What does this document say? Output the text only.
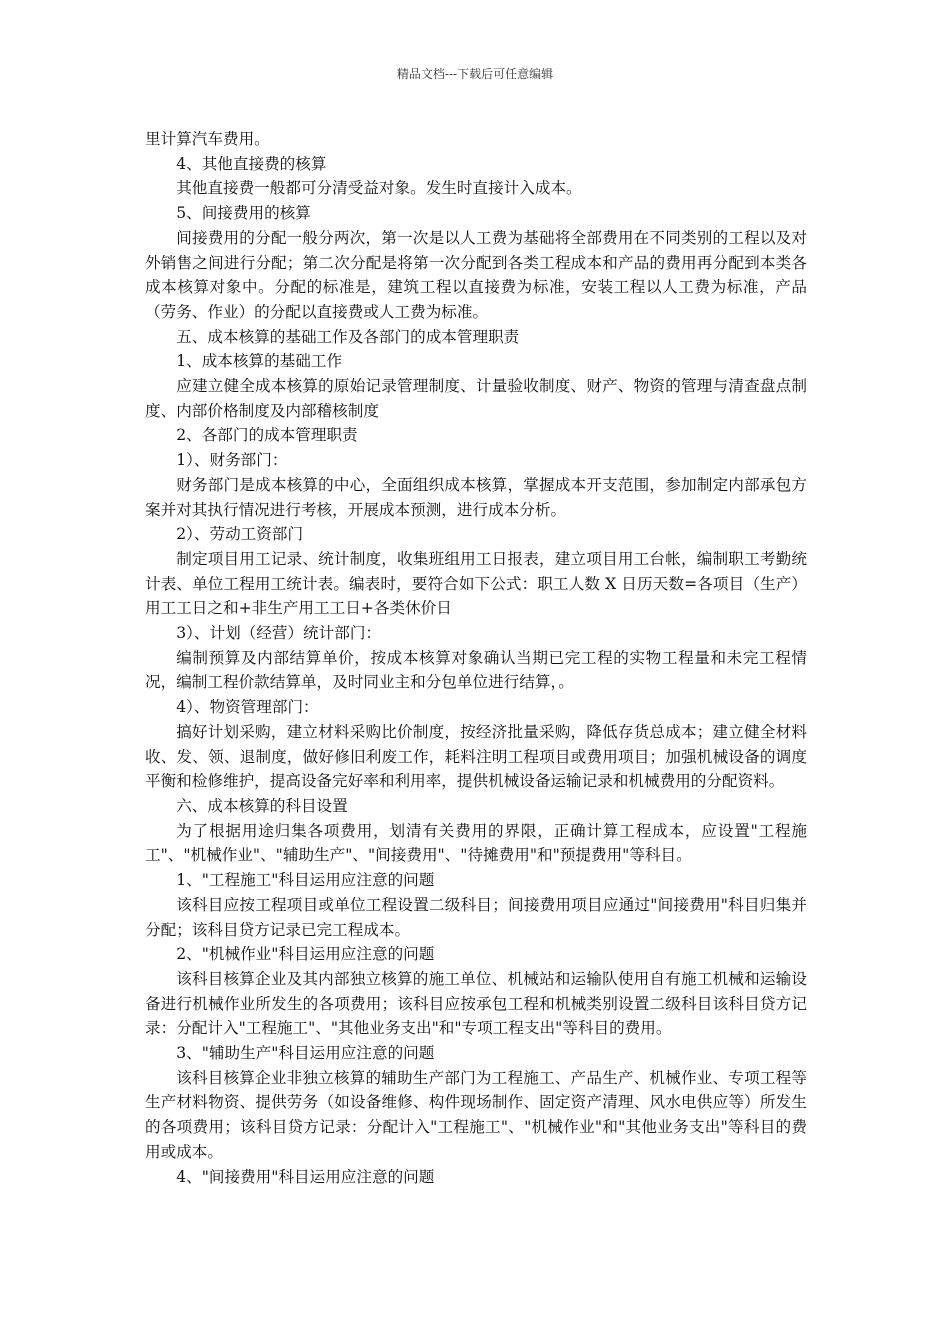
精品文档---下载后可任意编辑

里计算汽车费用。

4、其他直接费的核算

其他直接费一般都可分清受益对象。发生时直接计入成本。

5、间接费用的核算

间接费用的分配一般分两次，第一次是以人工费为基础将全部费用在不同类别的工程以及对外销售之间进行分配；第二次分配是将第一次分配到各类工程成本和产品的费用再分配到本类各成本核算对象中。分配的标准是，建筑工程以直接费为标准，安装工程以人工费为标准，产品（劳务、作业）的分配以直接费或人工费为标准。

五、成本核算的基础工作及各部门的成本管理职责

1、成本核算的基础工作

应建立健全成本核算的原始记录管理制度、计量验收制度、财产、物资的管理与清查盘点制度、内部价格制度及内部稽核制度

2、各部门的成本管理职责

1）、财务部门：

财务部门是成本核算的中心，全面组织成本核算，掌握成本开支范围，参加制定内部承包方案并对其执行情况进行考核，开展成本预测，进行成本分析。

2）、劳动工资部门

制定项目用工记录、统计制度，收集班组用工日报表，建立项目用工台帐，编制职工考勤统计表、单位工程用工统计表。编表时，要符合如下公式：职工人数 X 日历天数=各项目（生产）用工工日之和+非生产用工工日+各类休价日

3）、计划（经营）统计部门：

编制预算及内部结算单价，按成本核算对象确认当期已完工程的实物工程量和未完工程情况，编制工程价款结算单，及时同业主和分包单位进行结算，。

4）、物资管理部门：

搞好计划采购，建立材料采购比价制度，按经济批量采购，降低存货总成本；建立健全材料收、发、领、退制度，做好修旧利废工作，耗料注明工程项目或费用项目；加强机械设备的调度平衡和检修维护，提高设备完好率和利用率，提供机械设备运输记录和机械费用的分配资料。

六、成本核算的科目设置

为了根据用途归集各项费用，划清有关费用的界限，正确计算工程成本，应设置"工程施工"、"机械作业"、"辅助生产"、"间接费用"、"待摊费用"和"预提费用"等科目。

1、"工程施工"科目运用应注意的问题

该科目应按工程项目或单位工程设置二级科目；间接费用项目应通过"间接费用"科目归集并分配；该科目贷方记录已完工程成本。

2、"机械作业"科目运用应注意的问题

该科目核算企业及其内部独立核算的施工单位、机械站和运输队使用自有施工机械和运输设备进行机械作业所发生的各项费用；该科目应按承包工程和机械类别设置二级科目该科目贷方记录：分配计入"工程施工"、"其他业务支出"和"专项工程支出"等科目的费用。

3、"辅助生产"科目运用应注意的问题

该科目核算企业非独立核算的辅助生产部门为工程施工、产品生产、机械作业、专项工程等生产材料物资、提供劳务（如设备维修、构件现场制作、固定资产清理、风水电供应等）所发生的各项费用；该科目贷方记录：分配计入"工程施工"、"机械作业"和"其他业务支出"等科目的费用或成本。

4、"间接费用"科目运用应注意的问题
